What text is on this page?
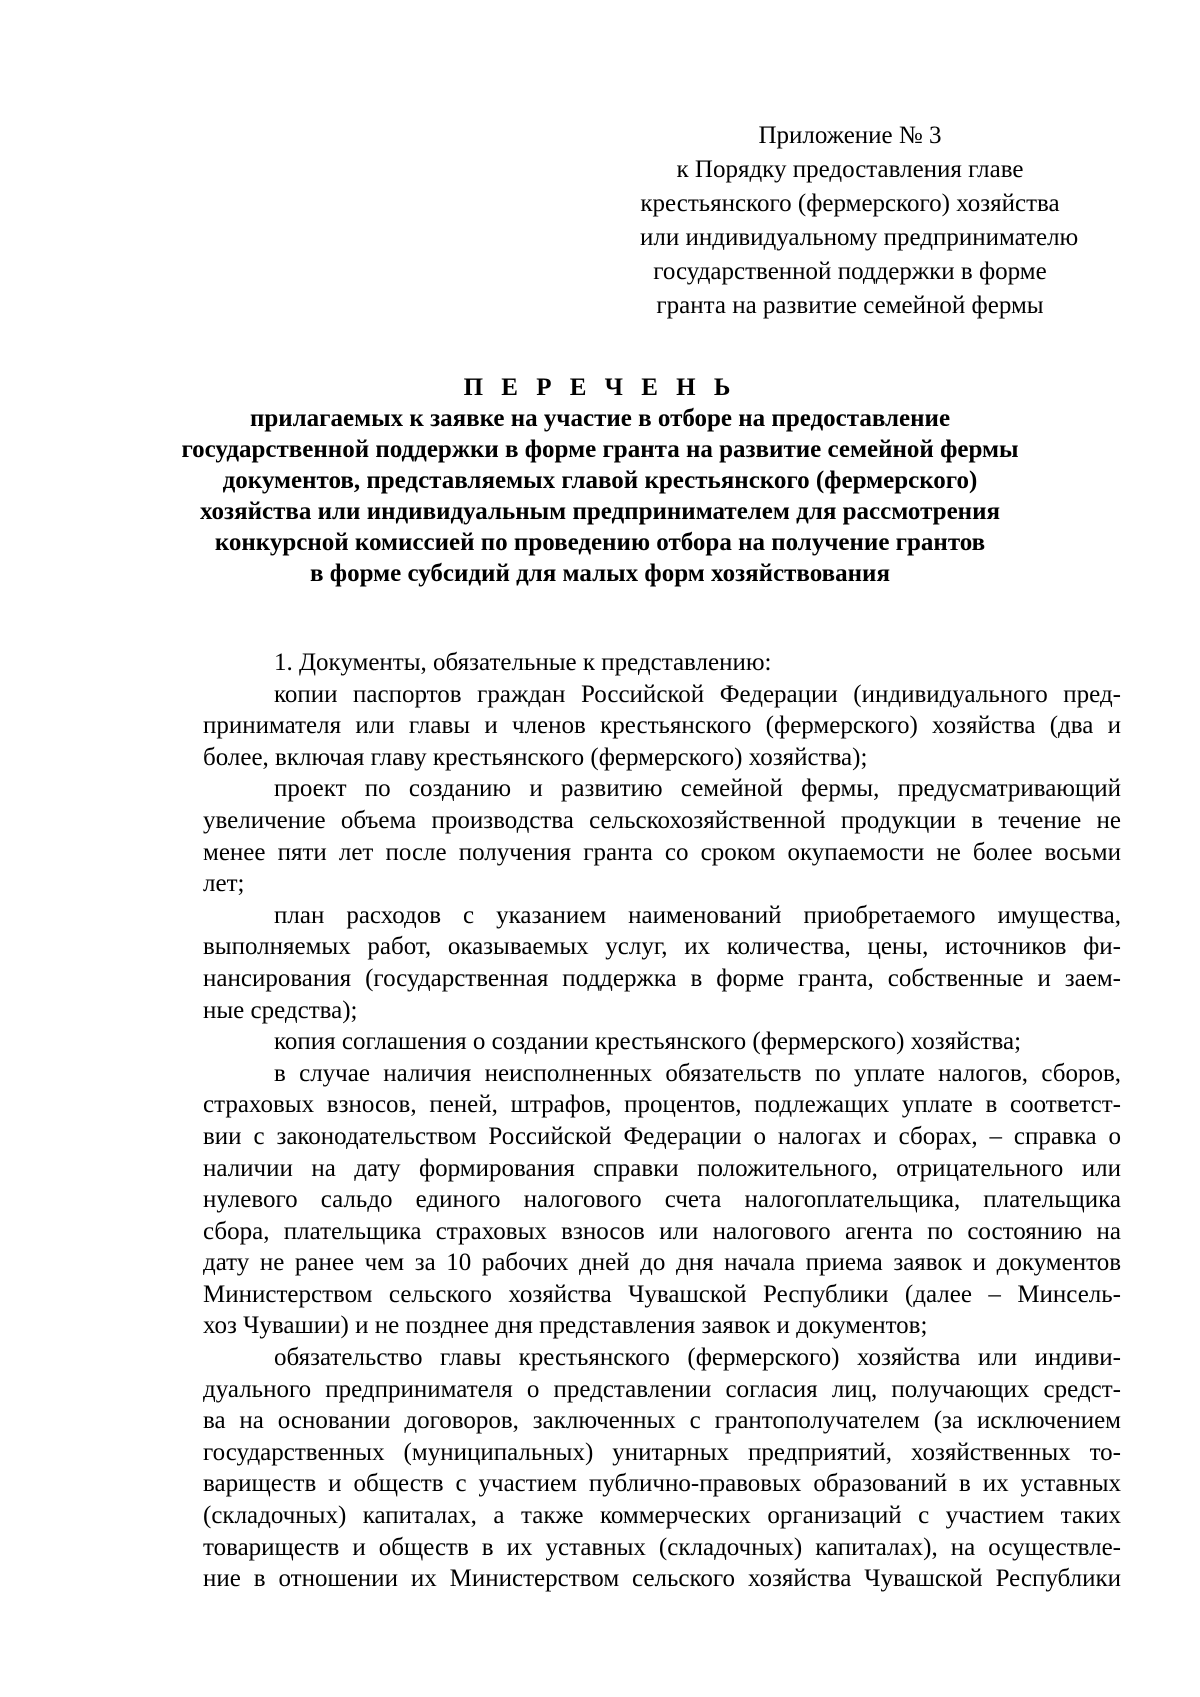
Приложение № 3
к Порядку предоставления главе
крестьянского (фермерского) хозяйства
или индивидуальному предпринимателю
государственной поддержки в форме
гранта на развитие семейной фермы
П Е Р Е Ч Е Н Ь
прилагаемых к заявке на участие в отборе на предоставление
государственной поддержки в форме гранта на развитие семейной фермы
документов, представляемых главой крестьянского (фермерского)
хозяйства или индивидуальным предпринимателем для рассмотрения
конкурсной комиссией по проведению отбора на получение грантов
в форме субсидий для малых форм хозяйствования
1. Документы, обязательные к представлению:
копии паспортов граждан Российской Федерации (индивидуального пред-
принимателя или главы и членов крестьянского (фермерского) хозяйства (два и
более, включая главу крестьянского (фермерского) хозяйства);
проект по созданию и развитию семейной фермы, предусматривающий
увеличение объема производства сельскохозяйственной продукции в течение не
менее пяти лет после получения гранта со сроком окупаемости не более восьми
лет;
план расходов с указанием наименований приобретаемого имущества,
выполняемых работ, оказываемых услуг, их количества, цены, источников фи-
нансирования (государственная поддержка в форме гранта, собственные и заем-
ные средства);
копия соглашения о создании крестьянского (фермерского) хозяйства;
в случае наличия неисполненных обязательств по уплате налогов, сборов,
страховых взносов, пеней, штрафов, процентов, подлежащих уплате в соответст-
вии с законодательством Российской Федерации о налогах и сборах, – справка о
наличии на дату формирования справки положительного, отрицательного или
нулевого сальдо единого налогового счета налогоплательщика, плательщика
сбора, плательщика страховых взносов или налогового агента по состоянию на
дату не ранее чем за 10 рабочих дней до дня начала приема заявок и документов
Министерством сельского хозяйства Чувашской Республики (далее – Минсель-
хоз Чувашии) и не позднее дня представления заявок и документов;
обязательство главы крестьянского (фермерского) хозяйства или индиви-
дуального предпринимателя о представлении согласия лиц, получающих средст-
ва на основании договоров, заключенных с грантополучателем (за исключением
государственных (муниципальных) унитарных предприятий, хозяйственных то-
вариществ и обществ с участием публично-правовых образований в их уставных
(складочных) капиталах, а также коммерческих организаций с участием таких
товариществ и обществ в их уставных (складочных) капиталах), на осуществле-
ние в отношении их Министерством сельского хозяйства Чувашской Республики
